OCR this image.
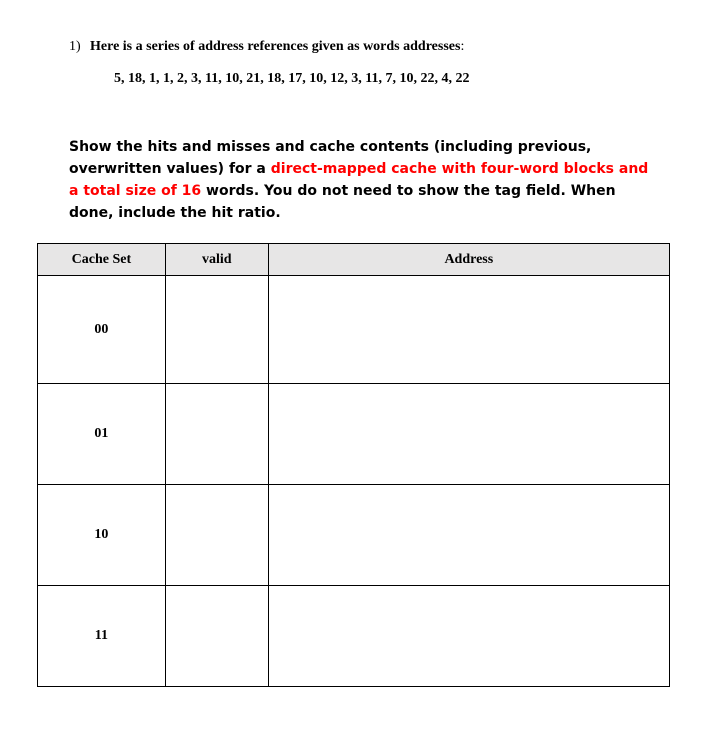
1) Here is a series of address references given as words addresses:
5, 18, 1, 1, 2, 3, 11, 10, 21, 18, 17, 10, 12, 3, 11, 7, 10, 22, 4, 22
Show the hits and misses and cache contents (including previous, overwritten values) for a direct-mapped cache with four-word blocks and a total size of 16 words. You do not need to show the tag field. When done, include the hit ratio.
Cache Set	valid	Address
00		
01		
10		
11		
